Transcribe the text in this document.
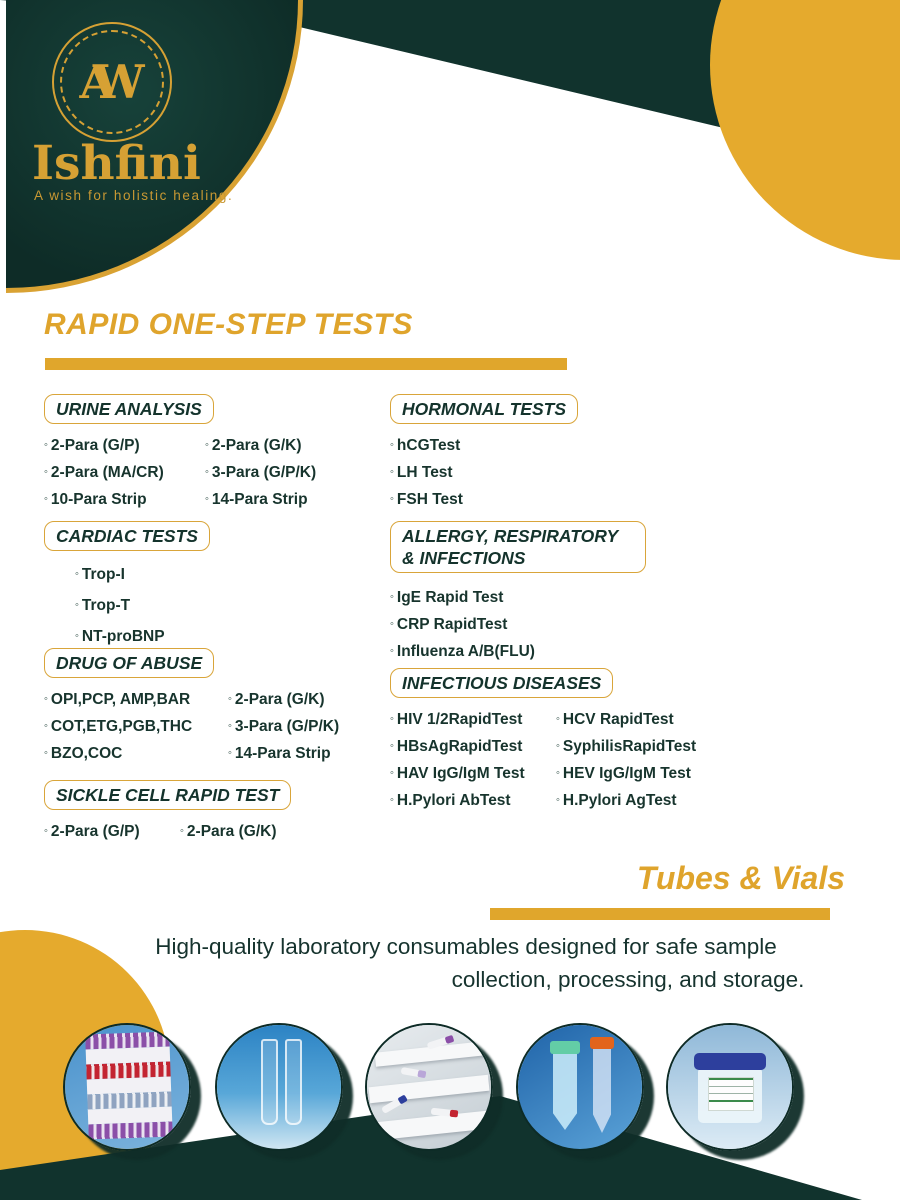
AW
Ishfini
A wish for holistic healing.
RAPID ONE-STEP TESTS
URINE ANALYSIS
◦ 2-Para (G/P)
◦ 2-Para (MA/CR)
◦ 10-Para Strip
◦ 2-Para (G/K)
◦ 3-Para (G/P/K)
◦ 14-Para Strip
CARDIAC TESTS
◦ Trop-I
◦ Trop-T
◦ NT-proBNP
DRUG OF ABUSE
◦ OPI,PCP, AMP,BAR
◦ COT,ETG,PGB,THC
◦ BZO,COC
◦ 2-Para (G/K)
◦ 3-Para (G/P/K)
◦ 14-Para Strip
SICKLE CELL RAPID TEST
◦ 2-Para (G/P)	◦ 2-Para (G/K)
HORMONAL TESTS
◦ hCGTest
◦ LH Test
◦ FSH Test
ALLERGY, RESPIRATORY & INFECTIONS
◦ IgE Rapid Test
◦ CRP RapidTest
◦ Influenza A/B(FLU)
INFECTIOUS DISEASES
◦ HIV 1/2RapidTest
◦ HBsAgRapidTest
◦ HAV IgG/IgM Test
◦ H.Pylori AbTest
◦ HCV RapidTest
◦ SyphilisRapidTest
◦ HEV IgG/IgM Test
◦ H.Pylori AgTest
Tubes & Vials
High-quality laboratory consumables designed for safe sample
collection, processing, and storage.
